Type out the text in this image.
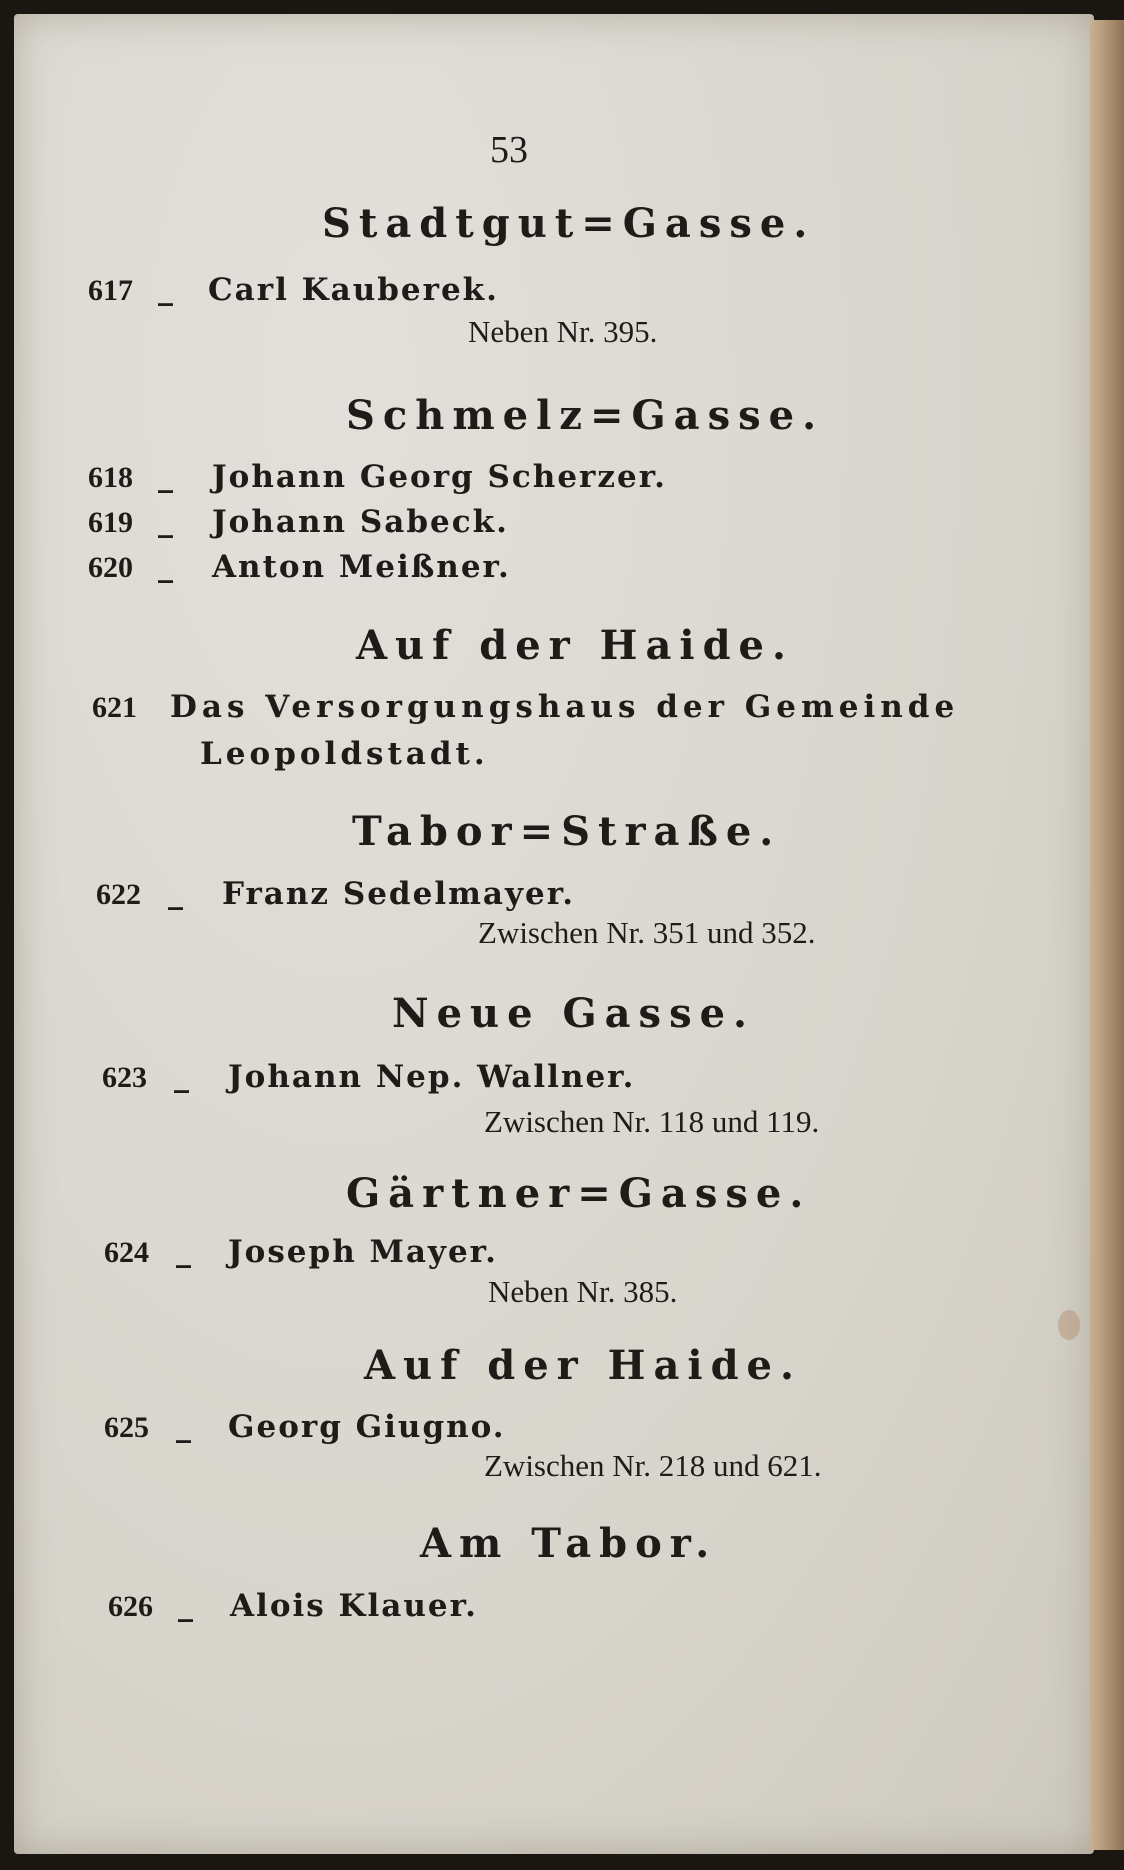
53
Stadtgut=Gasse.
617 _ Carl Kauberek.
Neben Nr. 395.
Schmelz=Gasse.
618 _ Johann Georg Scherzer.
619 _ Johann Sabeck.
620 _ Anton Meißner.
Auf der Haide.
621 Das Versorgungshaus der Gemeinde
Leopoldstadt.
Tabor=Straße.
622 _ Franz Sedelmayer.
Zwischen Nr. 351 und 352.
Neue Gasse.
623 _ Johann Nep. Wallner.
Zwischen Nr. 118 und 119.
Gärtner=Gasse.
624 _ Joseph Mayer.
Neben Nr. 385.
Auf der Haide.
625 _ Georg Giugno.
Zwischen Nr. 218 und 621.
Am Tabor.
626 _ Alois Klauer.
